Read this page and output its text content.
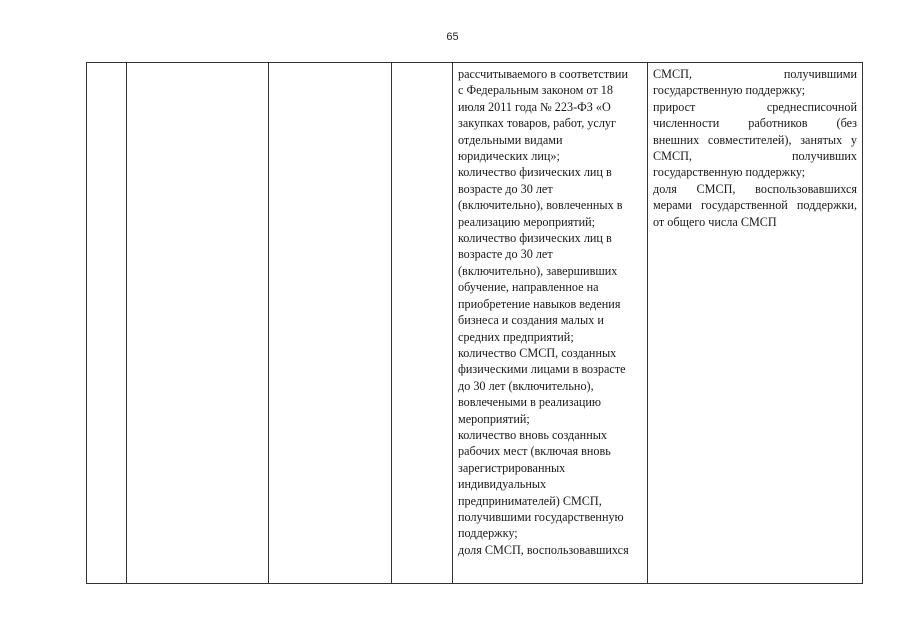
65

рассчитываемого в соответствии
с Федеральным законом от 18
июля 2011 года № 223-ФЗ «О
закупках товаров, работ, услуг
отдельными видами
юридических лиц»;
количество физических лиц в
возрасте до 30 лет
(включительно), вовлеченных в
реализацию мероприятий;
количество физических лиц в
возрасте до 30 лет
(включительно), завершивших
обучение, направленное на
приобретение навыков ведения
бизнеса и создания малых и
средних предприятий;
количество СМСП, созданных
физическими лицами в возрасте
до 30 лет (включительно),
вовлечеными в реализацию
мероприятий;
количество вновь созданных
рабочих мест (включая вновь
зарегистрированных
индивидуальных
предпринимателей) СМСП,
получившими государственную
поддержку;
доля СМСП, воспользовавшихся

СМСП, получившими
государственную поддержку;
прирост среднесписочной
численности работников (без
внешних совместителей), занятых у
СМСП, получивших
государственную поддержку;
доля СМСП, воспользовавшихся
мерами государственной поддержки,
от общего числа СМСП
